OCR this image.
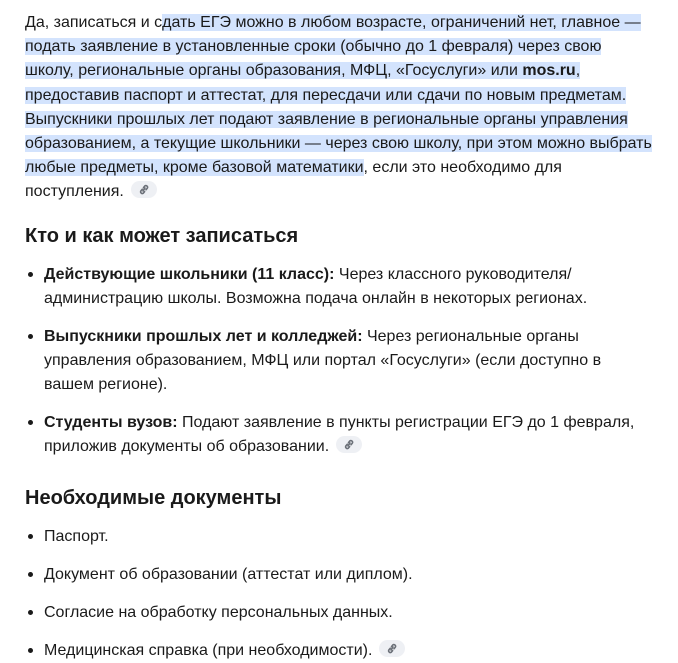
Да, записаться и сдать ЕГЭ можно в любом возрасте, ограничений нет, главное — подать заявление в установленные сроки (обычно до 1 февраля) через свою школу, региональные органы образования, МФЦ, «Госуслуги» или mos.ru, предоставив паспорт и аттестат, для пересдачи или сдачи по новым предметам. Выпускники прошлых лет подают заявление в региональные органы управления образованием, а текущие школьники — через свою школу, при этом можно выбрать любые предметы, кроме базовой математики, если это необходимо для поступления.

Кто и как может записаться
Действующие школьники (11 класс): Через классного руководителя/ администрацию школы. Возможна подача онлайн в некоторых регионах.
Выпускники прошлых лет и колледжей: Через региональные органы управления образованием, МФЦ или портал «Госуслуги» (если доступно в вашем регионе).
Студенты вузов: Подают заявление в пункты регистрации ЕГЭ до 1 февраля, приложив документы об образовании.
Необходимые документы
Паспорт.
Документ об образовании (аттестат или диплом).
Согласие на обработку персональных данных.
Медицинская справка (при необходимости).
